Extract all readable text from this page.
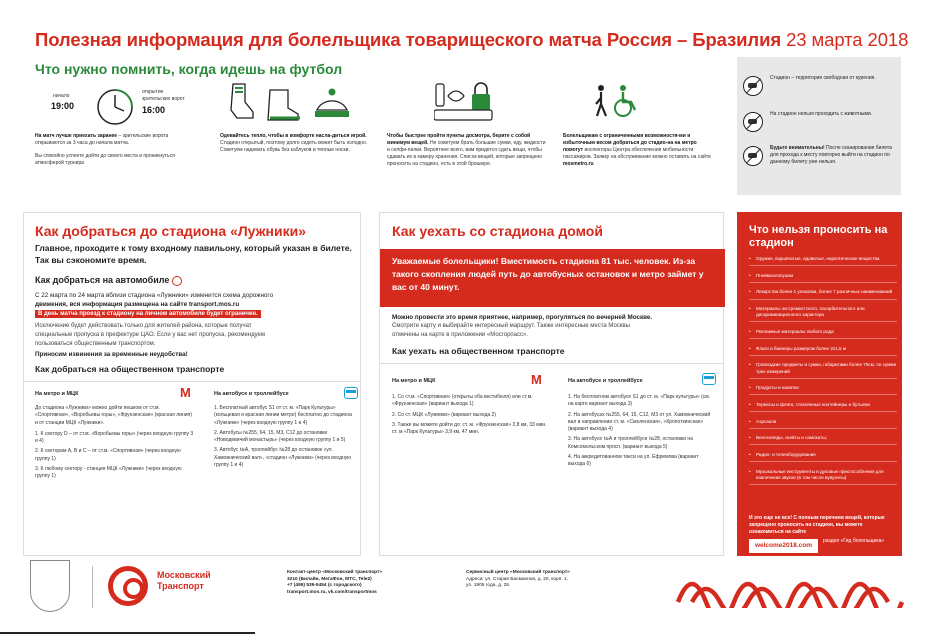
Полезная информация для болельщика товарищеского матча Россия – Бразилия 23 марта 2018
Что нужно помнить, когда идешь на футбол
начало
19:00
открытие
зрительских ворот
16:00
На матч лучше приехать заранее – зрительские ворота открываются за 3 часа до начала матча.
Вы спокойно успеете дойти до своего места и проникнуться атмосферой турнира
Одевайтесь тепло, чтобы в комфорте насла-диться игрой. Стадион открытый, поэтому долго сидеть может быть холодно. Советуем надевать обувь без каблуков и теплые носки.
Чтобы быстрее пройти пункты досмотра, берите с собой минимум вещей. Не советуем брать большие сумки, еду, жидкости и селфи-палки. Вероятнее всего, вам придется сдать вещи, чтобы сдавать их в камеру хранения. Список вещей, которые запрещено проносить на стадион, есть в этой брошюре.
Болельщикам с ограниченными возможностя-ми и избыточным весом добраться до стадио-на на метро помогут инспекторы Центра обеспечения мобильности пассажиров. Заявку на обслуживание можно оставить на сайте mosmetro.ru
Стадион – территория свободная от курения.
На стадион нельзя проходить с животными.
Будьте внимательны! После сканирования билета для прохода к месту повторно выйти на стадион по данному билету уже нельзя.
Как добраться до стадиона «Лужники»
Главное, проходите к тому входному павильону, который указан в билете. Так вы сэкономите время.
Как добраться на автомобиле
С 22 марта по 24 марта вблизи стадиона «Лужники» изменится схема дорожного
движения, вся информация размещена на сайте transport.mos.ru
В день матча проезд к стадиону на личном автомобиле будет ограничен.
Исключение будет действовать только для жителей района, которые получат
специальные пропуска в префектуре ЦАО. Если у вас нет пропуска, рекомендуем
пользоваться общественным транспортом.
Приносим извинения за временные неудобства!
Как добраться на общественном транспорте
На метро и МЦК	M

До стадиона «Лужники» можно дойти пешком от ст.м. «Спортивная», «Воробьевы горы», «Фрунзенская» (красная линия) и от станции МЦК «Лужники».

1. К сектору D – от ст.м. «Воробьевы горы» (через входную группу 3 и 4)
2. К секторам A, B и C – от ст.м. «Спортивная» (через входную группу 1)
3. К любому сектору - станция МЦК «Лужники» (через входную группу 1)
На автобусе и троллейбусе
1. Бесплатный автобус S1 от ст. м. «Парк Культуры» (кольцевая и красная линии метро) бесплатно до стадиона «Лужники» (через входную группу 1 и 4)
2. Автобусы №255, 64, 15, М3, С12 до остановки «Новодевичий монастырь» (через входную группу 1 и 5)
3. Автобус №А, троллейбус №28 до остановок «ул. Хамовнический вал», «стадион «Лужники» (через входную группу 1 и 4)
Как уехать со стадиона домой
Уважаемые болельщики! Вместимость стадиона 81 тыс. человек. Из-за такого скопления людей путь до автобусных остановок и метро займет у вас от 40 минут.
Можно провести это время приятнее, например, прогуляться по вечерней Москве.
Смотрите карту и выбирайте интересный маршрут. Также интересные места Москвы
отмечены на карте в приложении «Мосгорпасс».
Как уехать на общественном транспорте
На метро и МЦК	M
1. Со ст.м. «Спортивная» (открыты оба вестибюля) или ст.м. «Фрунзенская» (вариант выхода 1)
2. Со ст. МЦК «Лужники» (вариант выхода 2)
3. Также вы можете дойти до: ст. м. «Фрунзенская» 2,8 км, 33 мин. ст. м «Парк Культуры» 3,9 км, 47 мин.
На автобусе и троллейбусе
1. На бесплатном автобусе S1 до ст. м. «Парк культуры» (см. на карте вариант выхода 3)
2. На автобусах №255, 64, 15, С12, М3 от ул. Хамовнический вал в направлении ст. м. «Смоленская», «Кропоткинская» (вариант выхода 4)
3. На автобусе №А и троллейбусе №28, остановки на Комсомольском просп. (вариант выхода 5)
4. На аккредитованном такси на ул. Ефремова (вариант выхода 6)
Что нельзя проносить на стадион
• Оружие, взрывчатые, ядовитые, наркотические вещества
• Пневмохлопушки
• Лекарства более 1 упаковки, более 7 различных наименований
• Материалы экстремистского, оскорбительного или дискриминационного характера
• Рекламные материалы любого рода
• Флаги и баннеры размером более 2х1,5 м
• Громоздкие предметы и сумки, габаритами более 75см. по сумме трех измерений
• Продукты и напитки
• Термосы и фляги, стеклянные контейнеры и бутылки
• Аэрозоли
• Велосипеды, скейты и самокаты;
• Радио- и телеоборудование
• Музыкальные инструменты и духовые приспособления для извлечения звуков (в том числе вувузелы)
И это еще не все! С полным перечнем вещей, которые запрещено проносить на стадион, вы можете ознакомиться на сайте
welcome2018.com
раздел «Гид болельщика»
Московский
Транспорт
Контакт-центр «Московский транспорт»
3210 (Билайн, МегаФон, МТС, Tele2)
+7 (495) 539-5454 (с городского)
transport.mos.ru, vk.com/transportmos
Сервисный центр «Московский транспорт»
Адреса: ул. Старая Басманная, д. 20, корп. 1;
ул. 1905 года, д. 25.
